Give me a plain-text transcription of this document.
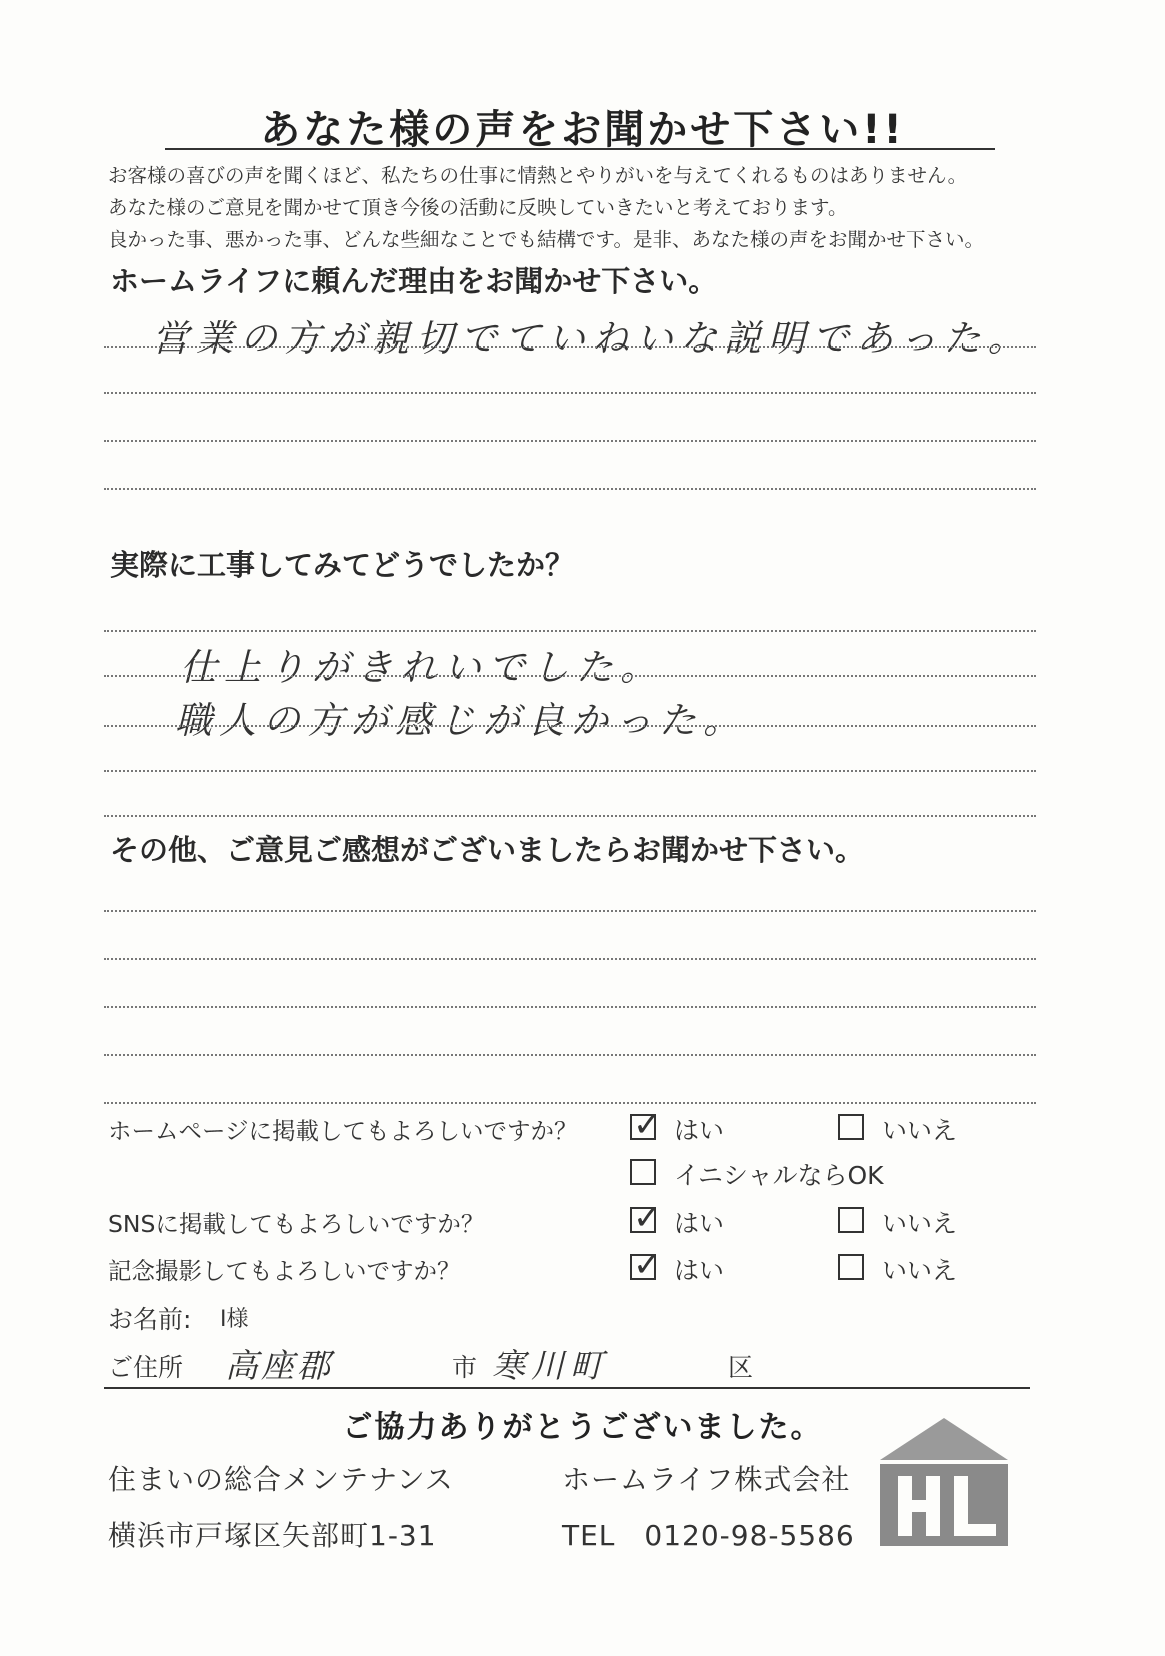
あなた様の声をお聞かせ下さい!!
お客様の喜びの声を聞くほど、私たちの仕事に情熱とやりがいを与えてくれるものはありません。
あなた様のご意見を聞かせて頂き今後の活動に反映していきたいと考えております。
良かった事、悪かった事、どんな些細なことでも結構です。是非、あなた様の声をお聞かせ下さい。
ホームライフに頼んだ理由をお聞かせ下さい。
営業の方が親切でていねいな説明であった。
実際に工事してみてどうでしたか？
仕上りがきれいでした。
職人の方が感じが良かった。
その他、ご意見ご感想がございましたらお聞かせ下さい。
ホームページに掲載してもよろしいですか？ ✓ はい	いいえ
イニシャルならOK
SNSに掲載してもよろしいですか？	✓ はい	いいえ
記念撮影してもよろしいですか？	✓ はい	いいえ
お名前: I様
ご住所 高座郡	市 寒川町	区
ご協力ありがとうございました。
住まいの総合メンテナンス	ホームライフ株式会社
横浜市戸塚区矢部町1-31	TEL　0120-98-5586
